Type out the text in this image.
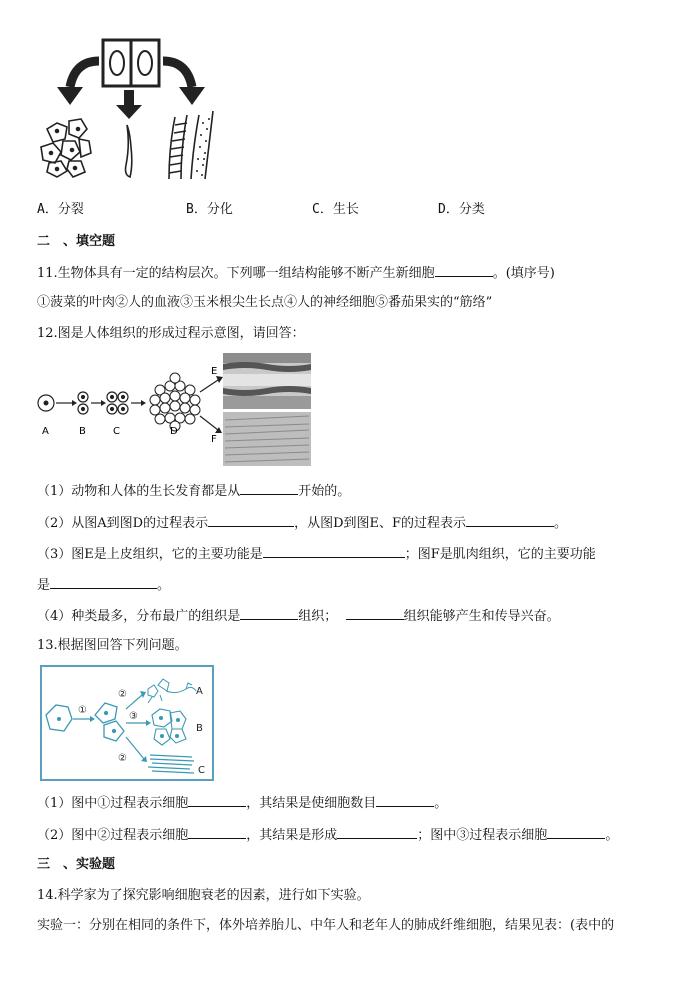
A．分裂	B．分化	C．生长	D．分类
二　、填空题
11.生物体具有一定的结构层次。下列哪一组结构能够不断产生新细胞	。(填序号)
①菠菜的叶肉②人的血液③玉米根尖生长点④人的神经细胞⑤番茄果实的“筋络”
12.图是人体组织的形成过程示意图，请回答：
A	B	C	D
E
F
（1）动物和人体的生长发育都是从	开始的。
（2）从图A到图D的过程表示	，从图D到图E、F的过程表示	。
（3）图E是上皮组织，它的主要功能是	；图F是肌肉组织，它的主要功能
是	。
（4）种类最多，分布最广的组织是	组织；	组织能够产生和传导兴奋。
13.根据图回答下列问题。
①
②
③
②
A
B
C
（1）图中①过程表示细胞	，其结果是使细胞数目	。
（2）图中②过程表示细胞	，其结果是形成	；图中③过程表示细胞	。
三　、实验题
14.科学家为了探究影响细胞衰老的因素，进行如下实验。
实验一：分别在相同的条件下，体外培养胎儿、中年人和老年人的肺成纤维细胞，结果见表：(表中的
